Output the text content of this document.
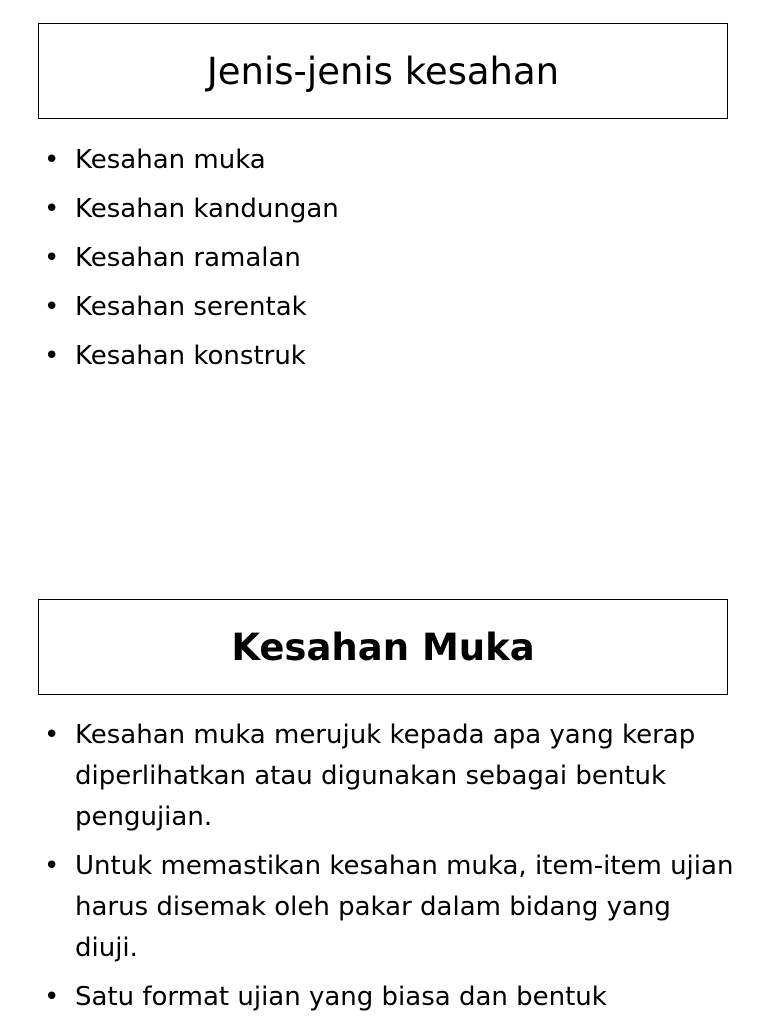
Jenis-jenis kesahan
• Kesahan muka
• Kesahan kandungan
• Kesahan ramalan
• Kesahan serentak
• Kesahan konstruk
Kesahan Muka
• Kesahan muka merujuk kepada apa yang kerap diperlihatkan atau digunakan sebagai bentuk pengujian.
• Untuk memastikan kesahan muka, item-item ujian harus disemak oleh pakar dalam bidang yang diuji.
• Satu format ujian yang biasa dan bentuk
